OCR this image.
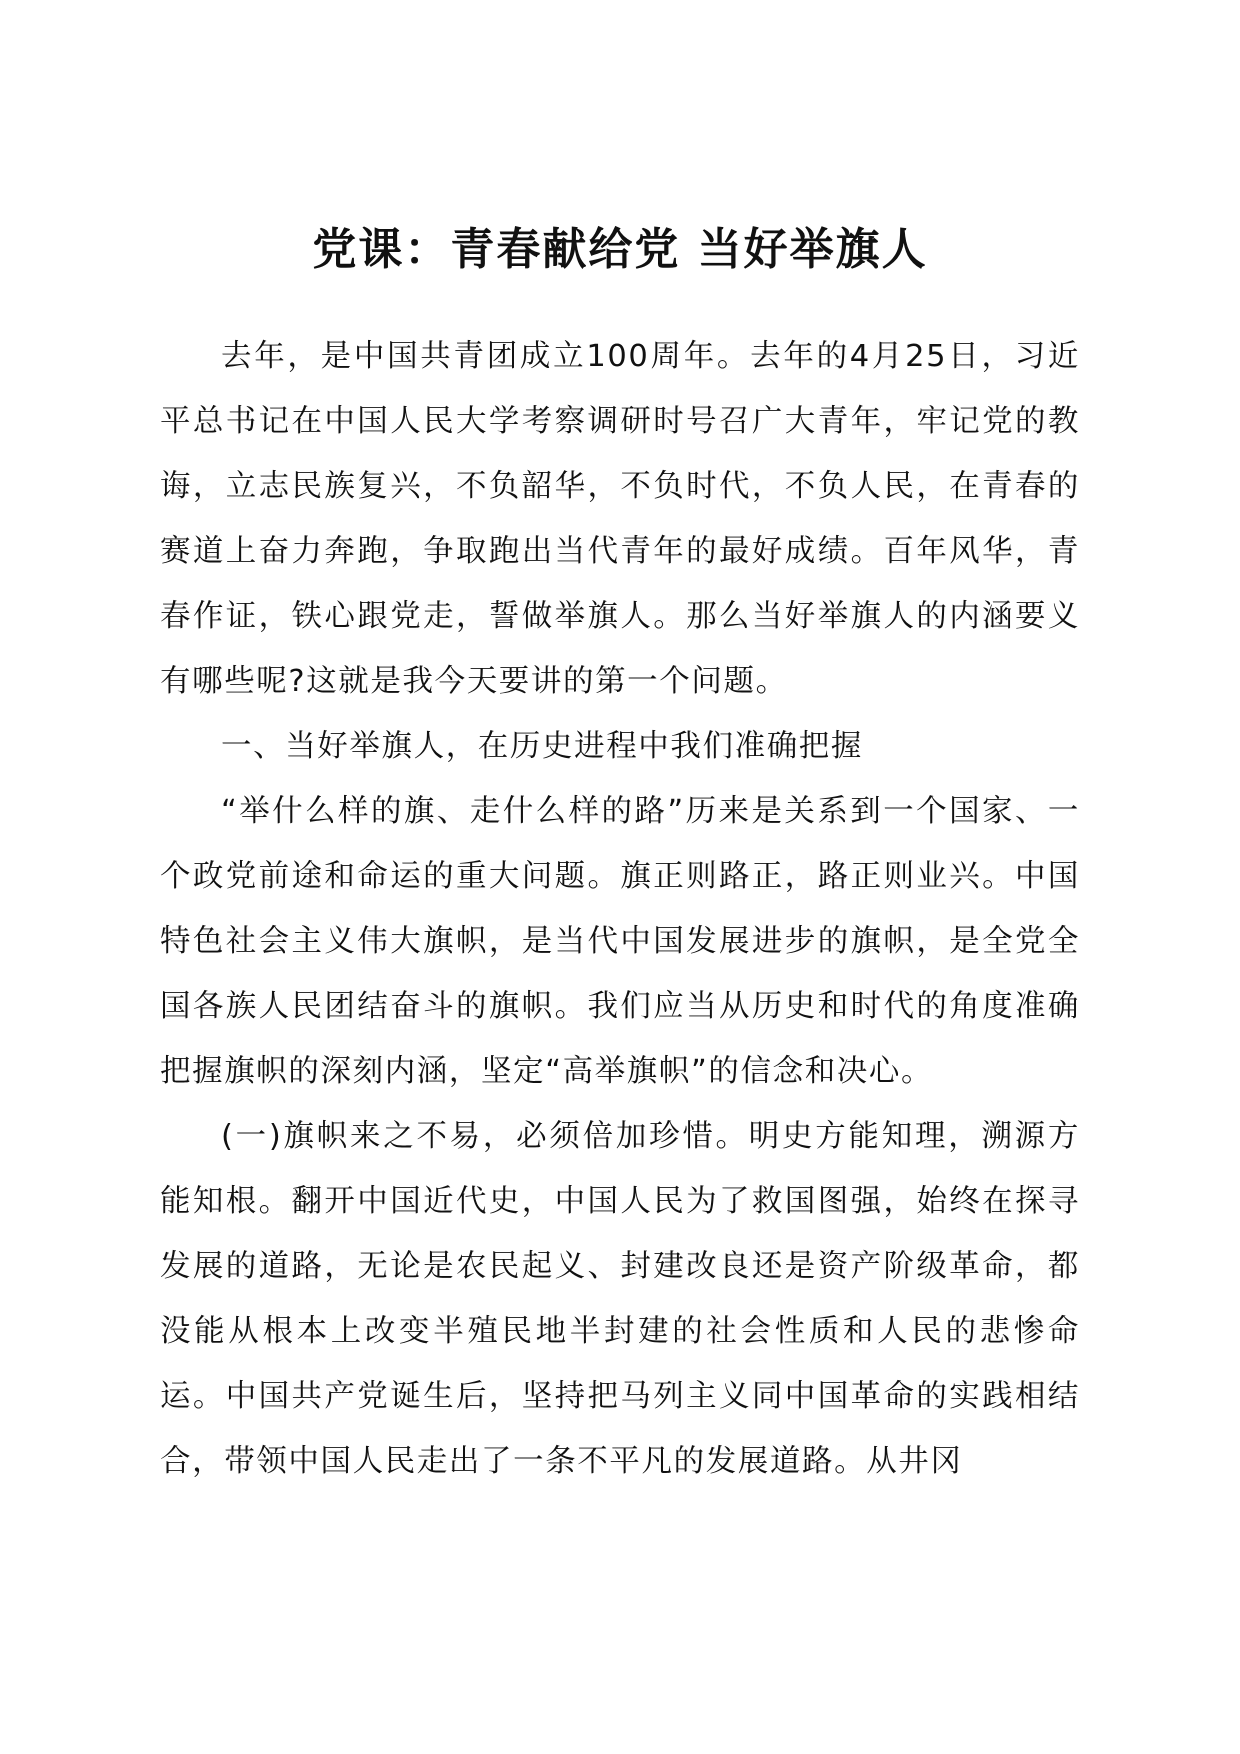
党课：青春献给党 当好举旗人

去年，是中国共青团成立100周年。去年的4月25日，习近平总书记在中国人民大学考察调研时号召广大青年，牢记党的教诲，立志民族复兴，不负韶华，不负时代，不负人民，在青春的赛道上奋力奔跑，争取跑出当代青年的最好成绩。百年风华，青春作证，铁心跟党走，誓做举旗人。那么当好举旗人的内涵要义有哪些呢?这就是我今天要讲的第一个问题。

一、当好举旗人，在历史进程中我们准确把握

“举什么样的旗、走什么样的路”历来是关系到一个国家、一个政党前途和命运的重大问题。旗正则路正，路正则业兴。中国特色社会主义伟大旗帜，是当代中国发展进步的旗帜，是全党全国各族人民团结奋斗的旗帜。我们应当从历史和时代的角度准确把握旗帜的深刻内涵，坚定“高举旗帜”的信念和决心。

(一)旗帜来之不易，必须倍加珍惜。明史方能知理，溯源方能知根。翻开中国近代史，中国人民为了救国图强，始终在探寻发展的道路，无论是农民起义、封建改良还是资产阶级革命，都没能从根本上改变半殖民地半封建的社会性质和人民的悲惨命运。中国共产党诞生后，坚持把马列主义同中国革命的实践相结合，带领中国人民走出了一条不平凡的发展道路。从井冈
